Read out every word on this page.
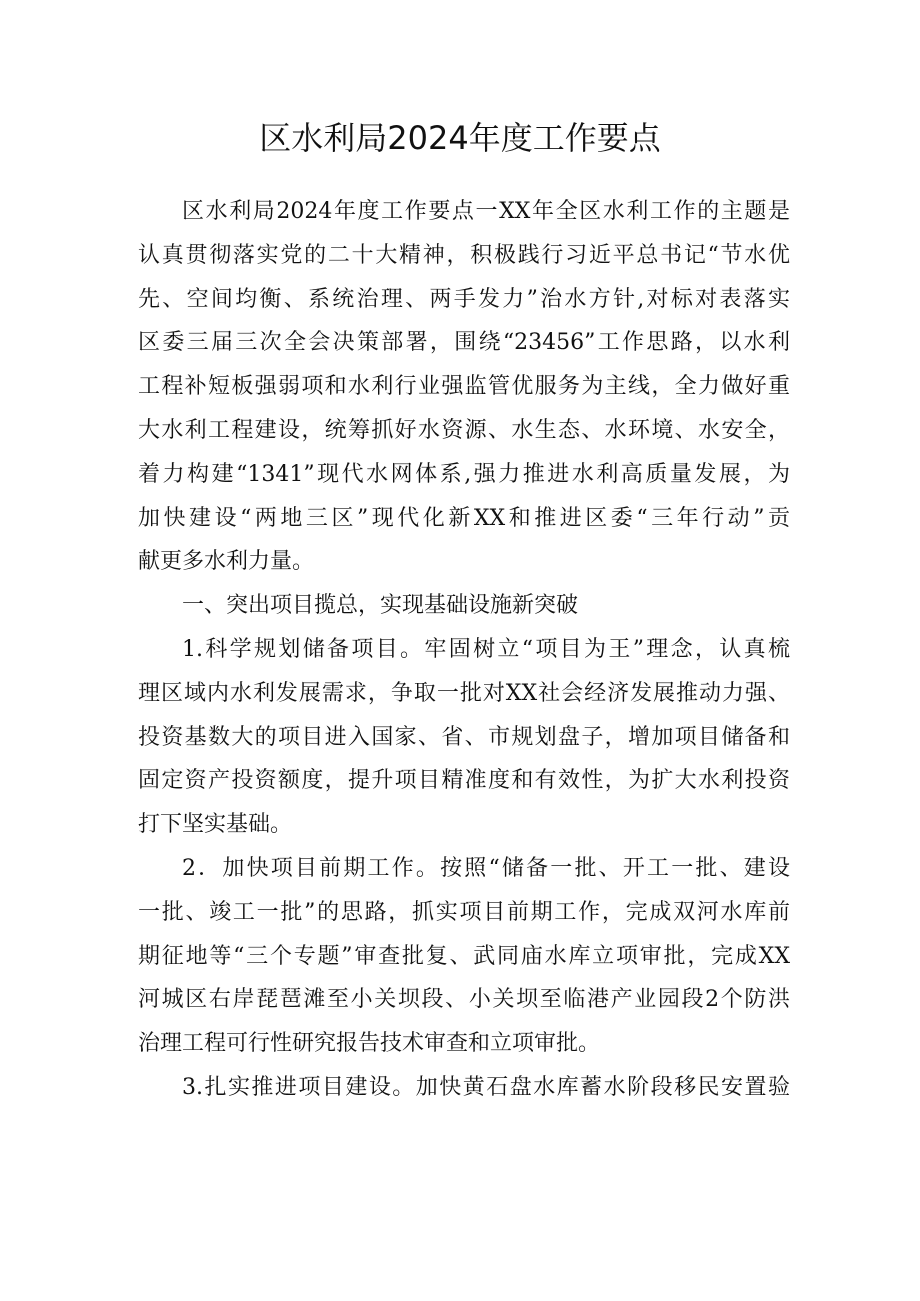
区水利局2024年度工作要点
区水利局2024年度工作要点一XX年全区水利工作的主题是
认真贯彻落实党的二十大精神，积极践行习近平总书记“节水优
先、空间均衡、系统治理、两手发力”治水方针,对标对表落实
区委三届三次全会决策部署，围绕“23456”工作思路，以水利
工程补短板强弱项和水利行业强监管优服务为主线，全力做好重
大水利工程建设，统筹抓好水资源、水生态、水环境、水安全，
着力构建“1341”现代水网体系,强力推进水利高质量发展，为
加快建设“两地三区”现代化新XX和推进区委“三年行动”贡
献更多水利力量。
一、突出项目揽总，实现基础设施新突破
1.科学规划储备项目。牢固树立“项目为王”理念，认真梳
理区域内水利发展需求，争取一批对XX社会经济发展推动力强、
投资基数大的项目进入国家、省、市规划盘子，增加项目储备和
固定资产投资额度，提升项目精准度和有效性，为扩大水利投资
打下坚实基础。
2．加快项目前期工作。按照“储备一批、开工一批、建设
一批、竣工一批”的思路，抓实项目前期工作，完成双河水库前
期征地等“三个专题”审查批复、武同庙水库立项审批，完成XX
河城区右岸琵琶滩至小关坝段、小关坝至临港产业园段2个防洪
治理工程可行性研究报告技术审查和立项审批。
3.扎实推进项目建设。加快黄石盘水库蓄水阶段移民安置验
